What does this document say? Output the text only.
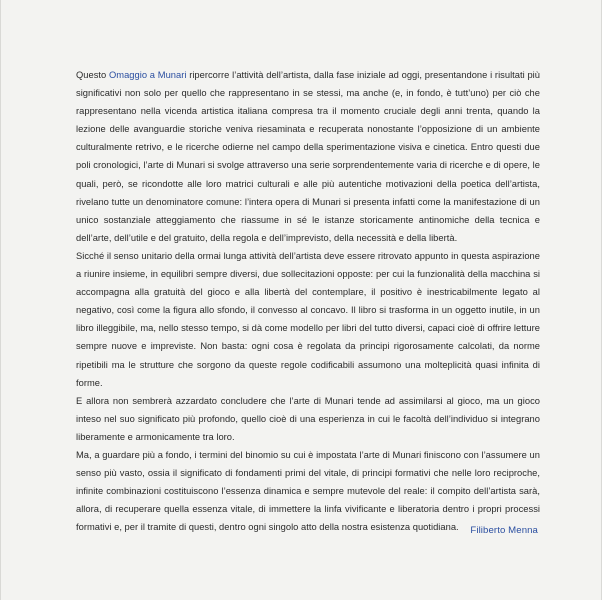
Questo Omaggio a Munari ripercorre l’attività dell’artista, dalla fase iniziale ad oggi, presentandone i risultati più significativi non solo per quello che rappresentano in se stessi, ma anche (e, in fondo, è tutt’uno) per ciò che rappresentano nella vicenda artistica italiana compresa tra il momento cruciale degli anni trenta, quando la lezione delle avanguardie storiche veniva riesaminata e recuperata nonostante l’opposizione di un ambiente culturalmente retrivo, e le ricerche odierne nel campo della sperimentazione visiva e cinetica. Entro questi due poli cronologici, l’arte di Munari si svolge attraverso una serie sorprendentemente varia di ricerche e di opere, le quali, però, se ricondotte alle loro matrici culturali e alle più autentiche motivazioni della poetica dell’artista, rivelano tutte un denominatore comune: l’intera opera di Munari si presenta infatti come la manifestazione di un unico sostanziale atteggiamento che riassume in sé le istanze storicamente antinomiche della tecnica e dell’arte, dell’utile e del gratuito, della regola e dell’imprevisto, della necessità e della libertà.

Sicché il senso unitario della ormai lunga attività dell’artista deve essere ritrovato appunto in questa aspirazione a riunire insieme, in equilibri sempre diversi, due sollecitazioni opposte: per cui la funzionalità della macchina si accompagna alla gratuità del gioco e alla libertà del contemplare, il positivo è inestricabilmente legato al negativo, così come la figura allo sfondo, il convesso al concavo. Il libro si trasforma in un oggetto inutile, in un libro illeggibile, ma, nello stesso tempo, si dà come modello per libri del tutto diversi, capaci cioè di offrire letture sempre nuove e impreviste. Non basta: ogni cosa è regolata da principi rigorosamente calcolati, da norme ripetibili ma le strutture che sorgono da queste regole codificabili assumono una molteplicità quasi infinita di forme.

E allora non sembrerà azzardato concludere che l’arte di Munari tende ad assimilarsi al gioco, ma un gioco inteso nel suo significato più profondo, quello cioè di una esperienza in cui le facoltà dell’individuo si integrano liberamente e armonicamente tra loro.

Ma, a guardare più a fondo, i termini del binomio su cui è impostata l’arte di Munari finiscono con l’assumere un senso più vasto, ossia il significato di fondamenti primi del vitale, di principi formativi che nelle loro reciproche, infinite combinazioni costituiscono l’essenza dinamica e sempre mutevole del reale: il compito dell’artista sarà, allora, di recuperare quella essenza vitale, di immettere la linfa vivificante e liberatoria dentro i propri processi formativi e, per il tramite di questi, dentro ogni singolo atto della nostra esistenza quotidiana.	Filiberto Menna
